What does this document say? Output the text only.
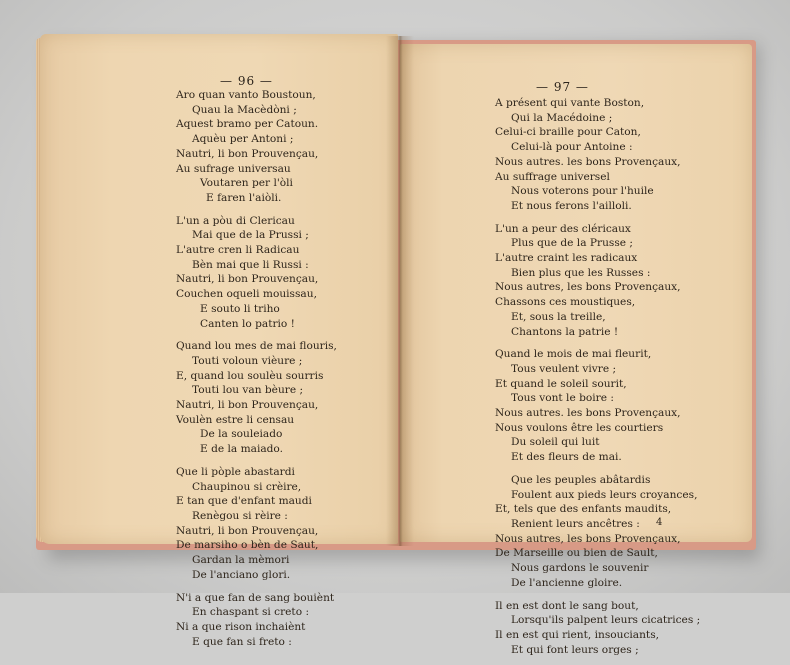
— 96 —	— 97 —
Aro quan vanto Boustoun,
Quau la Macèdòni ;
Aquest bramo per Catoun.
Aquèu per Antoni ;
Nautri, li bon Prouvençau,
Au sufrage universau
Voutaren per l'òli
E faren l'aiòli.
L'un a pòu di Clericau
Mai que de la Prussi ;
L'autre cren li Radicau
Bèn mai que li Russi :
Nautri, li bon Prouvençau,
Couchen oqueli mouissau,
E souto li triho
Canten lo patrio !
Quand lou mes de mai flouris,
Touti voloun vièure ;
E, quand lou soulèu sourris
Touti lou van bèure ;
Nautri, li bon Prouvençau,
Voulèn estre li censau
De la souleiado
E de la maiado.
Que li pòple abastardi
Chaupinou si crèire,
E tan que d'enfant maudi
Renègou si rèire :
Nautri, li bon Prouvençau,
De marsiho o bèn de Saut,
Gardan la mèmori
De l'anciano glori.
N'i a que fan de sang bouiènt
En chaspant si creto :
Ni a que rison inchaiènt
E que fan si freto :
A présent qui vante Boston,
Qui la Macédoine ;
Celui-ci braille pour Caton,
Celui-là pour Antoine :
Nous autres. les bons Provençaux,
Au suffrage universel
Nous voterons pour l'huile
Et nous ferons l'ailloli.
L'un a peur des cléricaux
Plus que de la Prusse ;
L'autre craint les radicaux
Bien plus que les Russes :
Nous autres, les bons Provençaux,
Chassons ces moustiques,
Et, sous la treille,
Chantons la patrie !
Quand le mois de mai fleurit,
Tous veulent vivre ;
Et quand le soleil sourit,
Tous vont le boire :
Nous autres. les bons Provençaux,
Nous voulons être les courtiers
Du soleil qui luit
Et des fleurs de mai.
Que les peuples abâtardis
Foulent aux pieds leurs croyances,
Et, tels que des enfants maudits,
Renient leurs ancêtres :
Nous autres, les bons Provençaux,
De Marseille ou bien de Sault,
Nous gardons le souvenir
De l'ancienne gloire.
Il en est dont le sang bout,
Lorsqu'ils palpent leurs cicatrices ;
Il en est qui rient, insouciants,
Et qui font leurs orges ;
4
